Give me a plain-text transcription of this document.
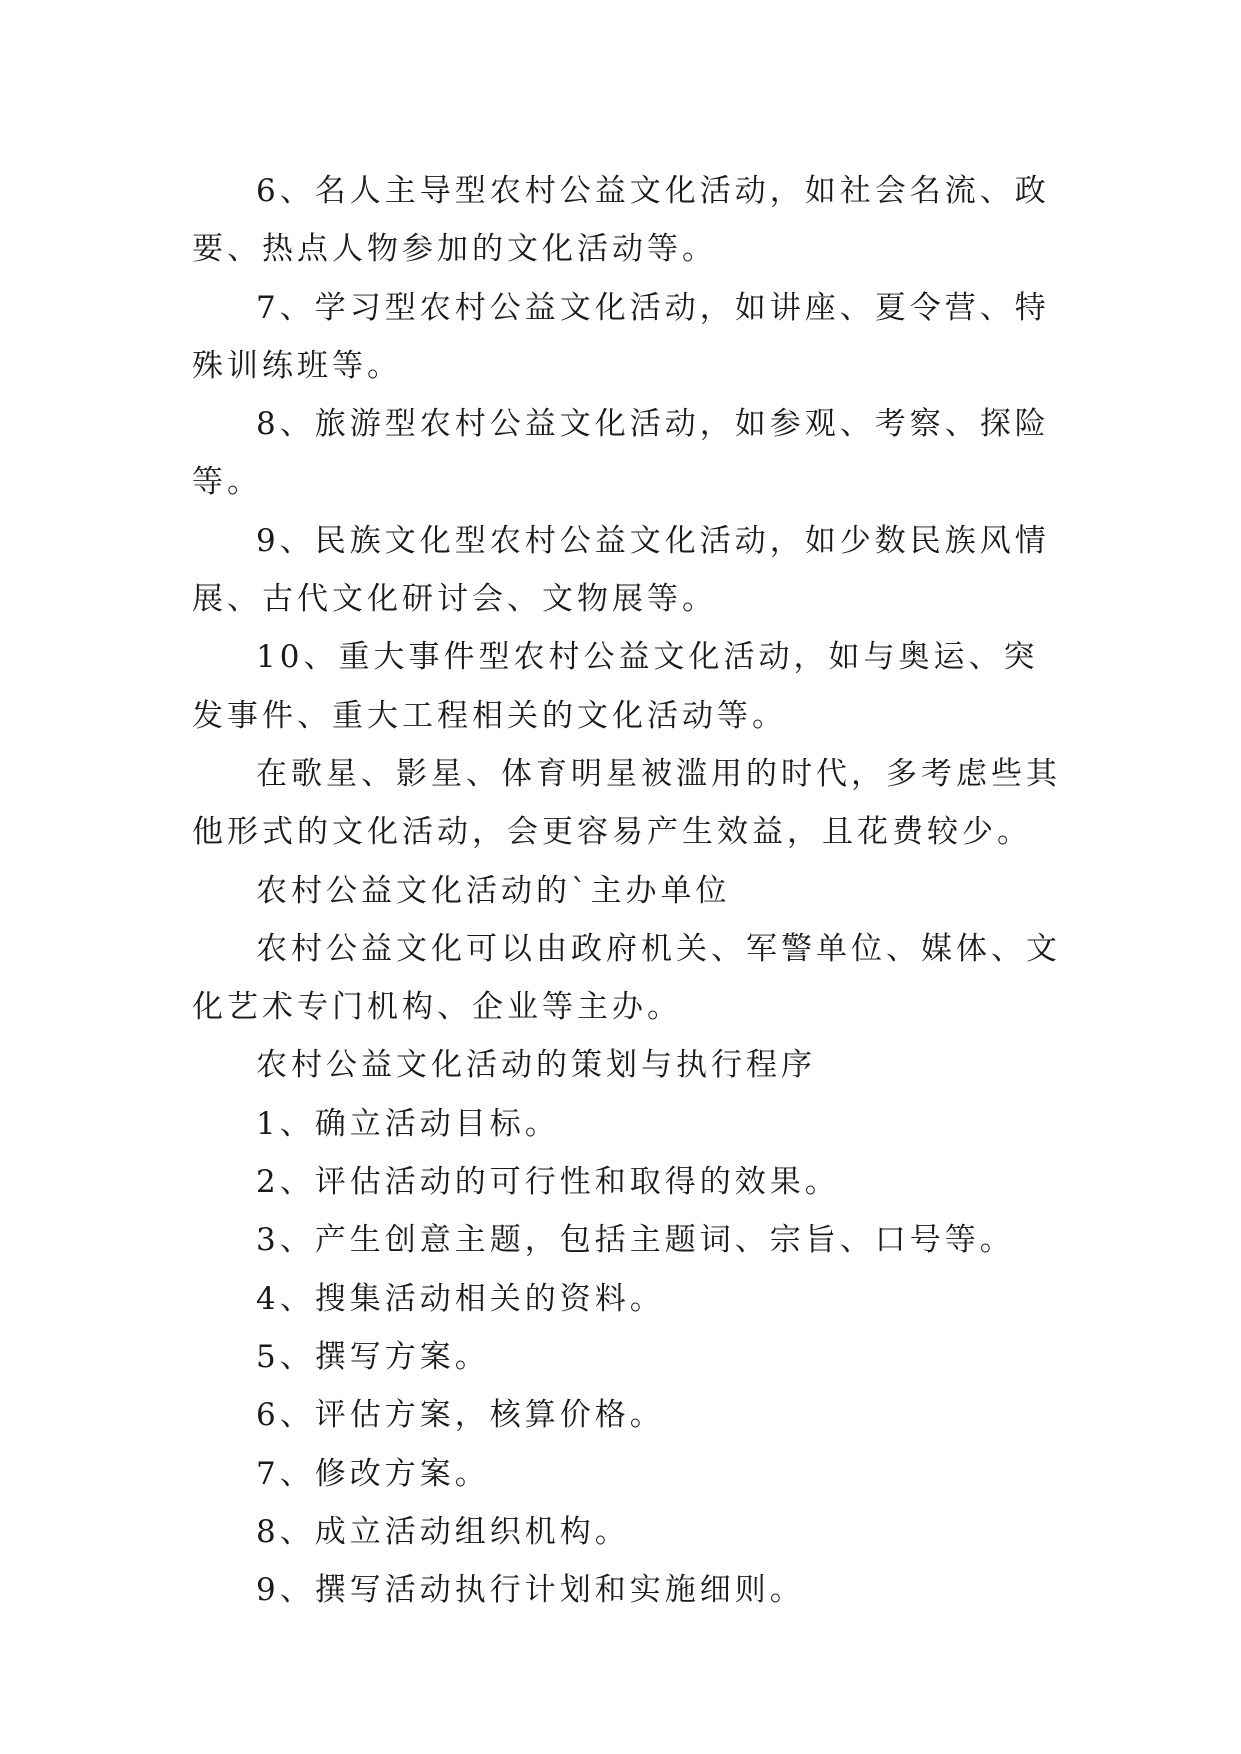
6、名人主导型农村公益文化活动，如社会名流、政要、热点人物参加的文化活动等。

7、学习型农村公益文化活动，如讲座、夏令营、特殊训练班等。

8、旅游型农村公益文化活动，如参观、考察、探险等。

9、民族文化型农村公益文化活动，如少数民族风情展、古代文化研讨会、文物展等。

10、重大事件型农村公益文化活动，如与奥运、突发事件、重大工程相关的文化活动等。

在歌星、影星、体育明星被滥用的时代，多考虑些其他形式的文化活动，会更容易产生效益，且花费较少。

农村公益文化活动的`主办单位

农村公益文化可以由政府机关、军警单位、媒体、文化艺术专门机构、企业等主办。

农村公益文化活动的策划与执行程序

1、确立活动目标。

2、评估活动的可行性和取得的效果。

3、产生创意主题，包括主题词、宗旨、口号等。

4、搜集活动相关的资料。

5、撰写方案。

6、评估方案，核算价格。

7、修改方案。

8、成立活动组织机构。

9、撰写活动执行计划和实施细则。
